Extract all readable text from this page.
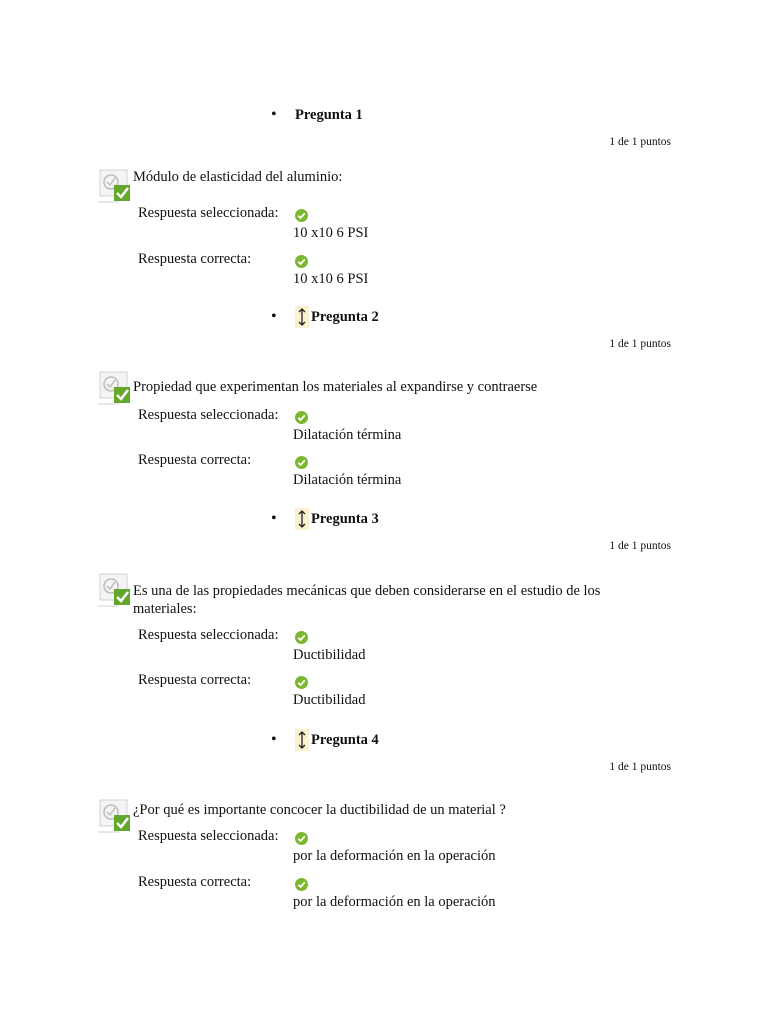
•	Pregunta 1
1 de 1 puntos
Módulo de elasticidad del aluminio:
Respuesta seleccionada:
10 x10 6 PSI
Respuesta correcta:
10 x10 6 PSI
•	Pregunta 2
1 de 1 puntos
Propiedad que experimentan los materiales al expandirse y contraerse
Respuesta seleccionada:
Dilatación términa
Respuesta correcta:
Dilatación términa
•	Pregunta 3
1 de 1 puntos
Es una de las propiedades mecánicas que deben considerarse en el estudio de los materiales:
Respuesta seleccionada:
Ductibilidad
Respuesta correcta:
Ductibilidad
•	Pregunta 4
1 de 1 puntos
¿Por qué es importante concocer la ductibilidad de un material ?
Respuesta seleccionada:
por la deformación en la operación
Respuesta correcta:
por la deformación en la operación
